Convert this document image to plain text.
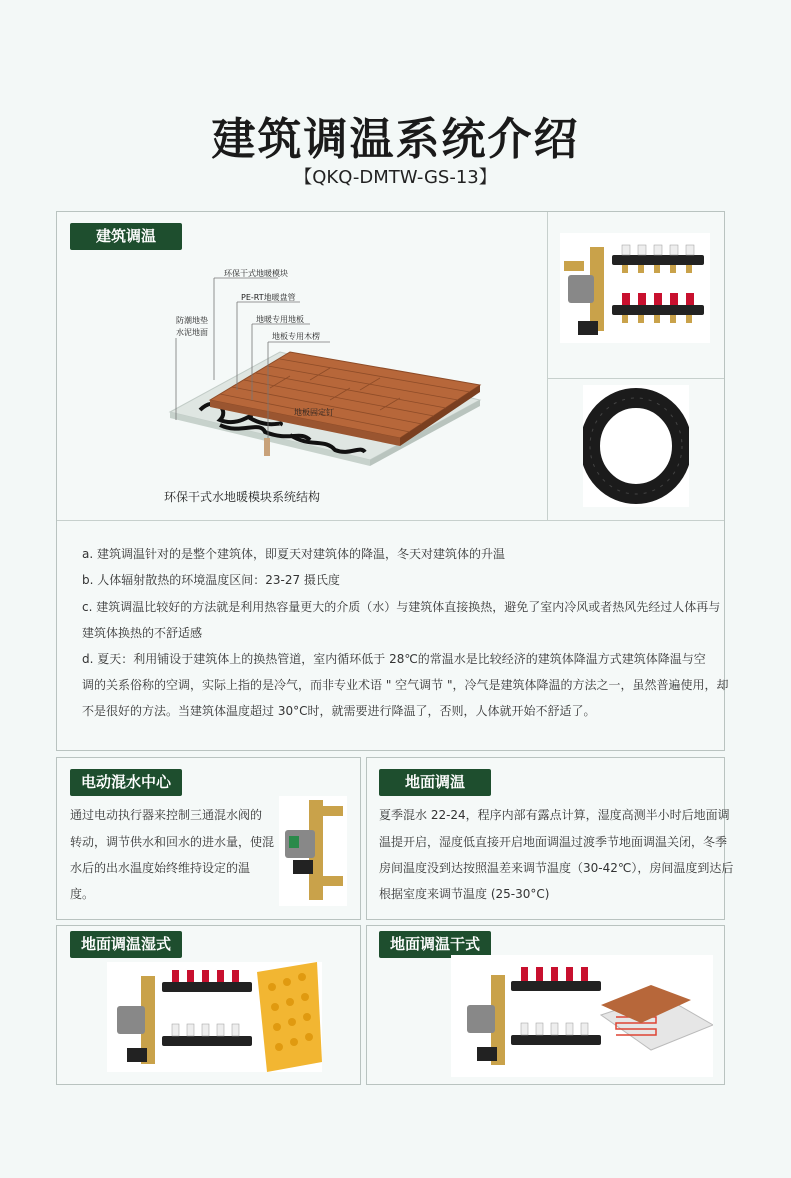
建筑调温系统介绍
【QKQ-DMTW-GS-13】
建筑调温
环保干式地暖模块
PE-RT地暖盘管
地暖专用地板
地板专用木楞
防潮地垫
水泥地面
地板固定钉
环保干式水地暖模块系统结构
a. 建筑调温针对的是整个建筑体，即夏天对建筑体的降温，冬天对建筑体的升温
b. 人体辐射散热的环境温度区间：23-27 摄氏度
c. 建筑调温比较好的方法就是利用热容量更大的介质（水）与建筑体直接换热，避免了室内冷风或者热风先经过人体再与
建筑体换热的不舒适感
d. 夏天：利用铺设于建筑体上的换热管道，室内循环低于 28℃的常温水是比较经济的建筑体降温方式建筑体降温与空
调的关系俗称的空调，实际上指的是冷气，而非专业术语 " 空气调节 "，冷气是建筑体降温的方法之一，虽然普遍使用，却
不是很好的方法。当建筑体温度超过 30°C时，就需要进行降温了，否则，人体就开始不舒适了。
电动混水中心
通过电动执行器来控制三通混水阀的
转动，调节供水和回水的进水量，使混
水后的出水温度始终维持设定的温
度。
地面调温
夏季混水 22-24，程序内部有露点计算，湿度高测半小时后地面调
温提开启，湿度低直接开启地面调温过渡季节地面调温关闭，冬季
房间温度没到达按照温差来调节温度（30-42℃），房间温度到达后
根据室度来调节温度 (25-30°C)
地面调温湿式	地面调温干式
